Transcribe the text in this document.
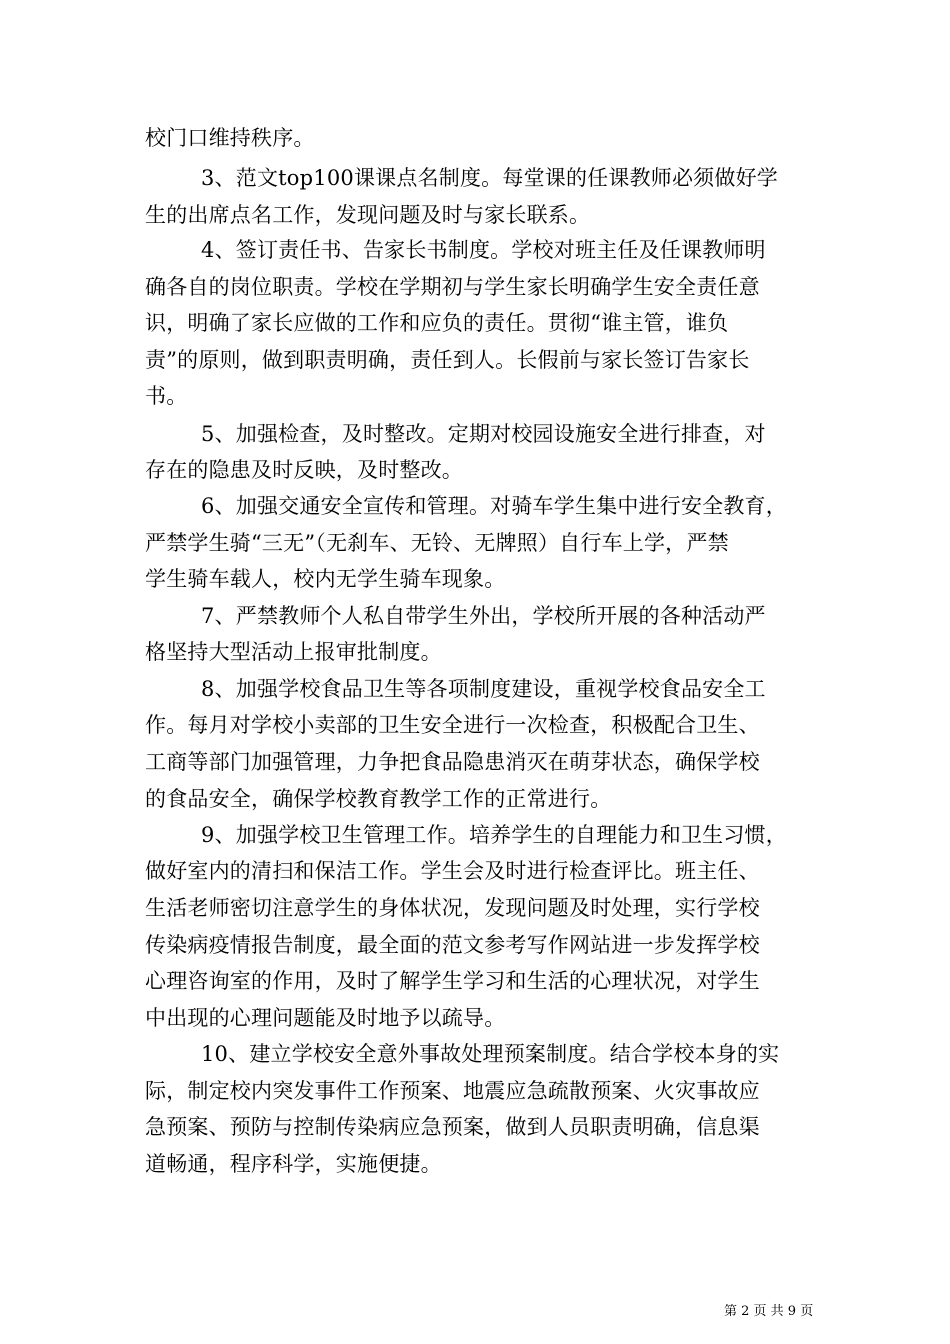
校门口维持秩序。

3、范文top100课课点名制度。每堂课的任课教师必须做好学

生的出席点名工作，发现问题及时与家长联系。

4、签订责任书、告家长书制度。学校对班主任及任课教师明

确各自的岗位职责。学校在学期初与学生家长明确学生安全责任意

识，明确了家长应做的工作和应负的责任。贯彻“谁主管，谁负

责”的原则，做到职责明确，责任到人。长假前与家长签订告家长

书。

5、加强检查，及时整改。定期对校园设施安全进行排查，对

存在的隐患及时反映，及时整改。

6、加强交通安全宣传和管理。对骑车学生集中进行安全教育，

严禁学生骑“三无”（无刹车、无铃、无牌照）自行车上学，严禁

学生骑车载人，校内无学生骑车现象。

7、严禁教师个人私自带学生外出，学校所开展的各种活动严

格坚持大型活动上报审批制度。

8、加强学校食品卫生等各项制度建设，重视学校食品安全工

作。每月对学校小卖部的卫生安全进行一次检查，积极配合卫生、

工商等部门加强管理，力争把食品隐患消灭在萌芽状态，确保学校

的食品安全，确保学校教育教学工作的正常进行。

9、加强学校卫生管理工作。培养学生的自理能力和卫生习惯，

做好室内的清扫和保洁工作。学生会及时进行检查评比。班主任、

生活老师密切注意学生的身体状况，发现问题及时处理，实行学校

传染病疫情报告制度，最全面的范文参考写作网站进一步发挥学校

心理咨询室的作用，及时了解学生学习和生活的心理状况，对学生

中出现的心理问题能及时地予以疏导。

10、建立学校安全意外事故处理预案制度。结合学校本身的实

际，制定校内突发事件工作预案、地震应急疏散预案、火灾事故应

急预案、预防与控制传染病应急预案，做到人员职责明确，信息渠

道畅通，程序科学，实施便捷。

第 2 页 共 9 页
